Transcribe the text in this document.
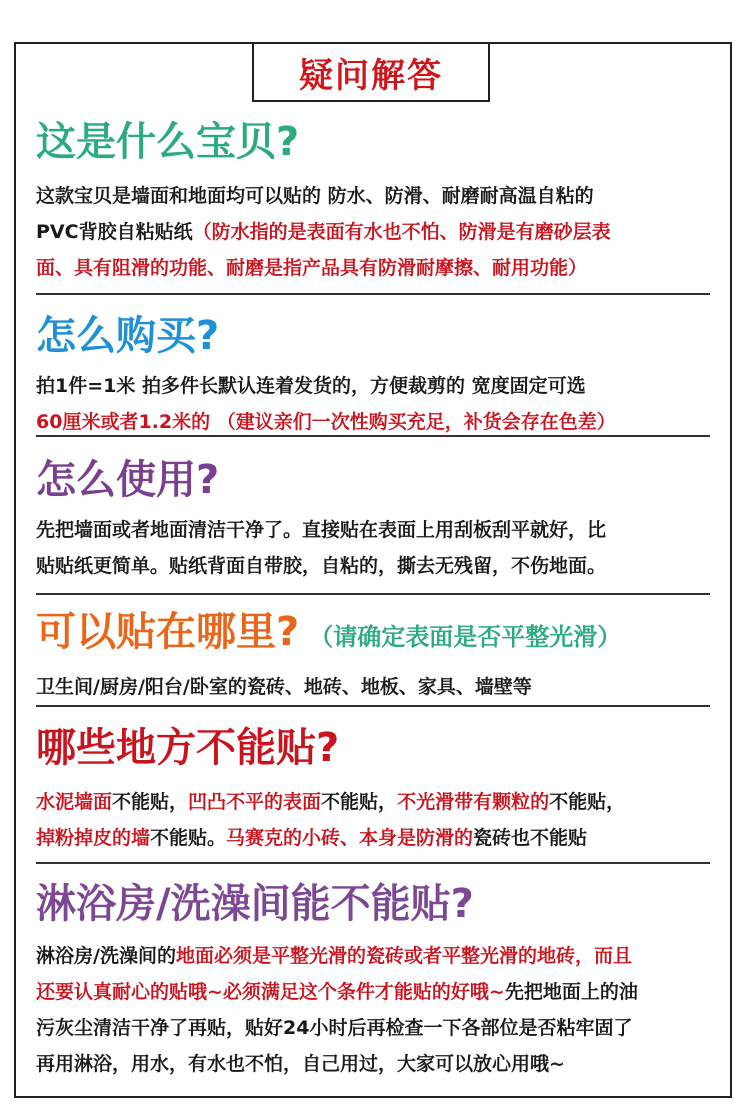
疑问解答
这是什么宝贝?
这款宝贝是墙面和地面均可以贴的 防水、防滑、耐磨耐高温自粘的
PVC背胶自粘贴纸（防水指的是表面有水也不怕、防滑是有磨砂层表
面、具有阻滑的功能、耐磨是指产品具有防滑耐摩擦、耐用功能）
怎么购买?
拍1件=1米 拍多件长默认连着发货的，方便裁剪的 宽度固定可选
60厘米或者1.2米的 （建议亲们一次性购买充足，补货会存在色差）
怎么使用?
先把墙面或者地面清洁干净了。直接贴在表面上用刮板刮平就好，比
贴贴纸更简单。贴纸背面自带胶，自粘的，撕去无残留，不伤地面。
可以贴在哪里? （请确定表面是否平整光滑）
卫生间/厨房/阳台/卧室的瓷砖、地砖、地板、家具、墙壁等
哪些地方不能贴?
水泥墙面不能贴，凹凸不平的表面不能贴，不光滑带有颗粒的不能贴，
掉粉掉皮的墙不能贴。马赛克的小砖、本身是防滑的瓷砖也不能贴
淋浴房/洗澡间能不能贴?
淋浴房/洗澡间的地面必须是平整光滑的瓷砖或者平整光滑的地砖，而且
还要认真耐心的贴哦~必须满足这个条件才能贴的好哦~先把地面上的油
污灰尘清洁干净了再贴，贴好24小时后再检查一下各部位是否粘牢固了
再用淋浴，用水，有水也不怕，自己用过，大家可以放心用哦~
